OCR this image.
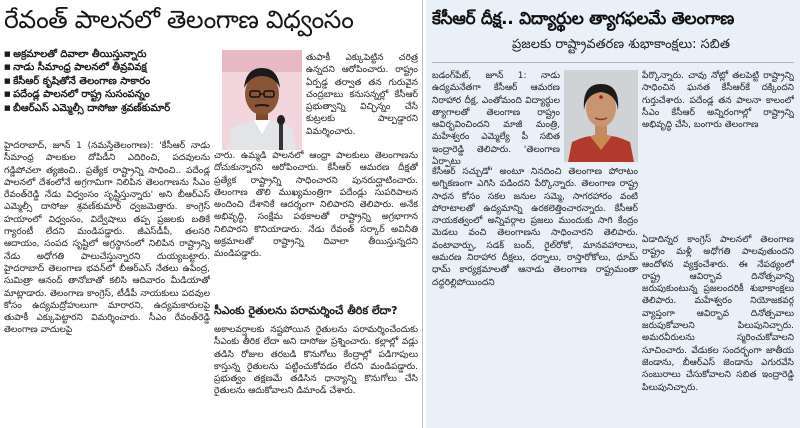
రేవంత్ పాలనలో తెలంగాణ విధ్వంసం
■ అక్రమాలతో దివాలా తీయిస్తున్నారు
■ నాడు సీమాంధ్ర పాలనలో తీవ్రవివక్ష
■ కేసీఆర్ కృషితోనే తెలంగాణ సాకారం
■ పదేండ్ల పాలనలో రాష్ట్ర సుసంపన్నం
■ బీఆర్ఎస్ ఎమ్మెల్సీ దాసోజు శ్రవణ్‌కుమార్

తుపాకీ ఎక్కుపెట్టిన చరిత్ర ఉన్నదని ఆరోపించారు. రాష్ట్రం ఏర్పడ్డ తర్వాత తన గురువైన చంద్రబాబు కనుసన్నల్లో కేసీఆర్ ప్రభుత్వాన్ని విచ్ఛిన్నం చేసే కుట్రలకు పాల్పడ్డారని విమర్శించారు.

హైదరాబాద్, జూన్ 1 (నమస్తేతెలంగాణ): 'కేసీఆర్ నాడు సీమాంధ్ర పాలకుల దోపిడీని ఎదిరించి, పదవులను గడ్డిపోచలా త్యజించి.. ప్రత్యేక రాష్ట్రాన్ని సాధించి.. పదేండ్ల పాలనలో దేశంలోనే అగ్రగామిగా నిలిపిన తెలంగాణను సీఎం రేవంత్‌రెడ్డి నేడు విధ్వంసం సృష్టిస్తున్నారు' అని బీఆర్ఎస్ ఎమ్మెల్సీ దాసోజు శ్రవణ్‌కుమార్ ధ్వజమెత్తారు. కాంగ్రెస్ హయాంలో విధ్వంసం, విద్వేషాలు తప్ప ప్రజలకు బతికే గ్యారంటీ లేదని మండిపడ్డారు. జీఎస్‌డీపీ, తలసరి ఆదాయం, సంపద సృష్టిలో అగ్రస్థానంలో నిలిపిన రాష్ట్రాన్ని నేడు అధోగతి పాలుచేస్తున్నారని దుయ్యబట్టారు. హైదరాబాద్ తెలంగాణ భవన్‌లో బీఆర్ఎస్ నేతలు ఉపేంద్ర, సుమిత్రా ఆనంద్ తానోబాతో కలిసి ఆదివారం మీడియాతో మాట్లాడారు. తెలంగాణ కాంగ్రెస్, టీడీపీ నాయకులు పదవుల కోసం ఉద్యమద్రోహులుగా మారారని, ఉద్యమకారులపై తుపాకీ ఎక్కుపెట్టారని విమర్శించారు. సీఎం రేవంత్‌రెడ్డి తెలంగాణ వాదులపై

చారు. ఉమ్మడి పాలనలో ఆంధ్రా పాలకులు తెలంగాణను దోచుకున్నారని ఆరోపించారు. కేసీఆర్ ఆమరణ దీక్షతో ప్రత్యేక రాష్ట్రాన్ని సాధించారని పునరుద్ఘాటించారు. తెలంగాణ తొలి ముఖ్యమంత్రిగా పదేండ్లు సుపరిపాలన అందించి దేశానికే ఆదర్శంగా నిలిపారని తెలిపారు. అనేక అభివృద్ధి, సంక్షేమ పథకాలతో రాష్ట్రాన్ని అగ్రభాగాన నిలిపారని కొనియాడారు. నేడు రేవంత్ సర్కార్ అవినీతి అక్రమాలతో రాష్ట్రాన్ని దివాలా తీయిస్తున్నదని మండిపడ్డారు.

సీఎంకు రైతులను పరామర్శించే తీరిక లేదా?

అకాలవర్షాలకు నష్టపోయిన రైతులను పరామర్శించేందుకు సీఎంకు తీరిక లేదా అని దాసోజు ప్రశ్నించారు. కల్లాల్లో వడ్లు తడిసి రోజుల తరబడి కొనుగోలు కేంద్రాల్లో పడిగాపులు కాస్తున్న రైతులను పట్టించుకోవడం లేదని మండిపడ్డారు. ప్రభుత్వం తక్షణమే తడిసిన ధాన్యాన్ని కొనుగోలు చేసి రైతులను ఆదుకోవాలని డిమాండ్ చేశారు.

కేసీఆర్ దీక్ష.. విద్యార్థుల త్యాగఫలమే తెలంగాణ
ప్రజలకు రాష్ట్రావతరణ శుభాకాంక్షలు: సబిత

బడంగ్‌పేట్, జూన్ 1: నాడు ఉద్యమనేతగా కేసీఆర్ ఆమరణ నిరాహార దీక్ష, ఎంతోమంది విద్యార్థుల త్యాగాలతో తెలంగాణ రాష్ట్రం ఆవిర్భవించిందని మాజీ మంత్రి, మహేశ్వరం ఎమ్మెల్యే పీ సబిత ఇంద్రారెడ్డి తెలిపారు. 'తెలంగాణ ఏర్పాటు

పేర్కొన్నారు. చావు నోట్లో తలపెట్టి రాష్ట్రాన్ని సాధించిన ఘనత కేసీఆర్‌కే దక్కిందని గుర్తుచేశారు. పదేండ్ల తన పాలనా కాలంలో సీఎం కేసీఆర్ అన్నిరంగాల్లో రాష్ట్రాన్ని అభివృద్ధి చేసి, బంగారు తెలంగాణ

కేసీఆర్ సచ్చుడో' అంటూ నినదించి తెలంగాణ పోరాటం అగ్నికణంగా ఎగిసి పడిందని పేర్కొన్నారు. తెలంగాణ రాష్ట్ర సాధన కోసం సకల జనుల సమ్మె, సాగరహారం వంటి పోరాటాలతో ఉద్యమాన్ని ఉరకలెత్తించారన్నారు. కేసీఆర్ నాయకత్వంలో అన్నివర్గాల ప్రజలు ముందుకు సాగి కేంద్రం మెడలు వంచి తెలంగాణను సాధించారని తెలిపారు. వంటావార్పు, సడక్ బంద్, రైల్‌రోకో, మానవహారాలు, ఆమరణ నిరాహార దీక్షలు, ధర్నాలు, రాస్తారోకోలు, ధూమ్ ధామ్ కార్యక్రమాలతో ఆనాడు తెలంగాణ రాష్ట్రమంతా దద్దరిల్లిపోయిందని

ఏడాదిన్నర కాంగ్రెస్ పాలనలో తెలంగాణ రాష్ట్రం మళ్లీ అధోగతి పాలవుతుందని ఆందోళన వ్యక్తంచేశారు. ఈ నేపథ్యంలో రాష్ట్ర ఆవిర్భావ దినోత్సవాన్ని జరుపుకుంటున్న ప్రజలందరికీ శుభాకాంక్షలు తెలిపారు. మహేశ్వరం నియోజకవర్గ వ్యాప్తంగా ఆవిర్భావ దినోత్సవాలు జరుపుకోవాలని పిలుపునిచ్చారు. అమరవీరులను స్మరించుకోవాలని సూచించారు. వేడుకల సందర్భంగా జాతీయ జెండాను, బీఆర్ఎస్ జెండాను ఎగురవేసి సంబురాలు చేసుకోవాలని సబిత ఇంద్రారెడ్డి పిలుపునిచ్చారు.
